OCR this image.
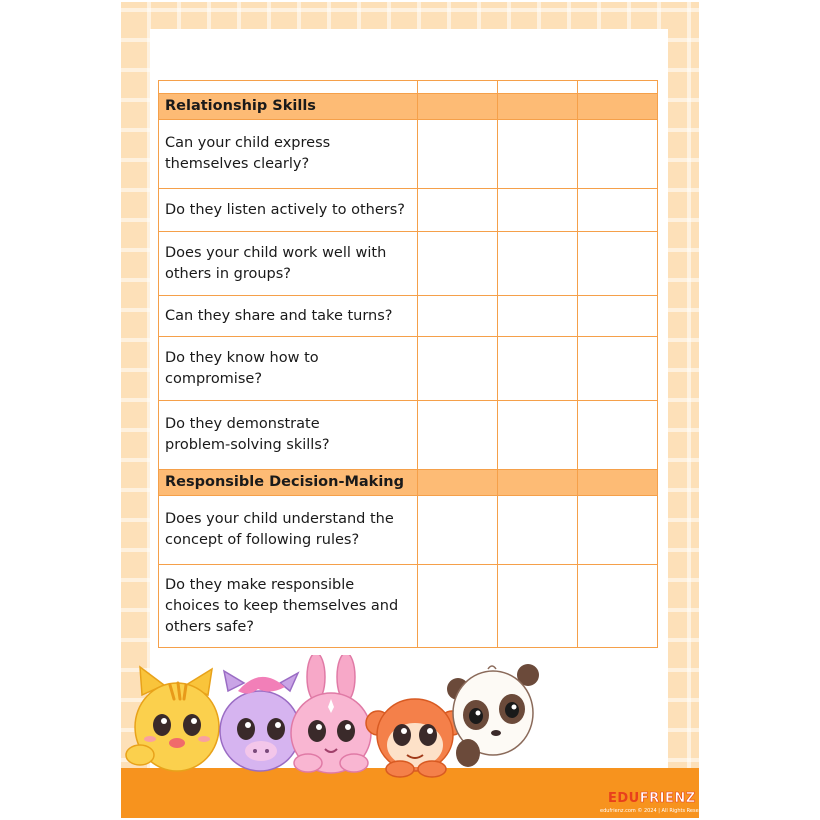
Relationship Skills			
Can your child express
themselves clearly?			
Do they listen actively to others?			
Does your child work well with
others in groups?			
Can they share and take turns?			
Do they know how to
compromise?			
Do they demonstrate
problem-solving skills?			
Responsible Decision-Making			
Does your child understand the
concept of following rules?			
Do they make responsible
choices to keep themselves and
others safe?			
EDUFRIENZ
edufrienz.com © 2024 | All Rights Reserved.
